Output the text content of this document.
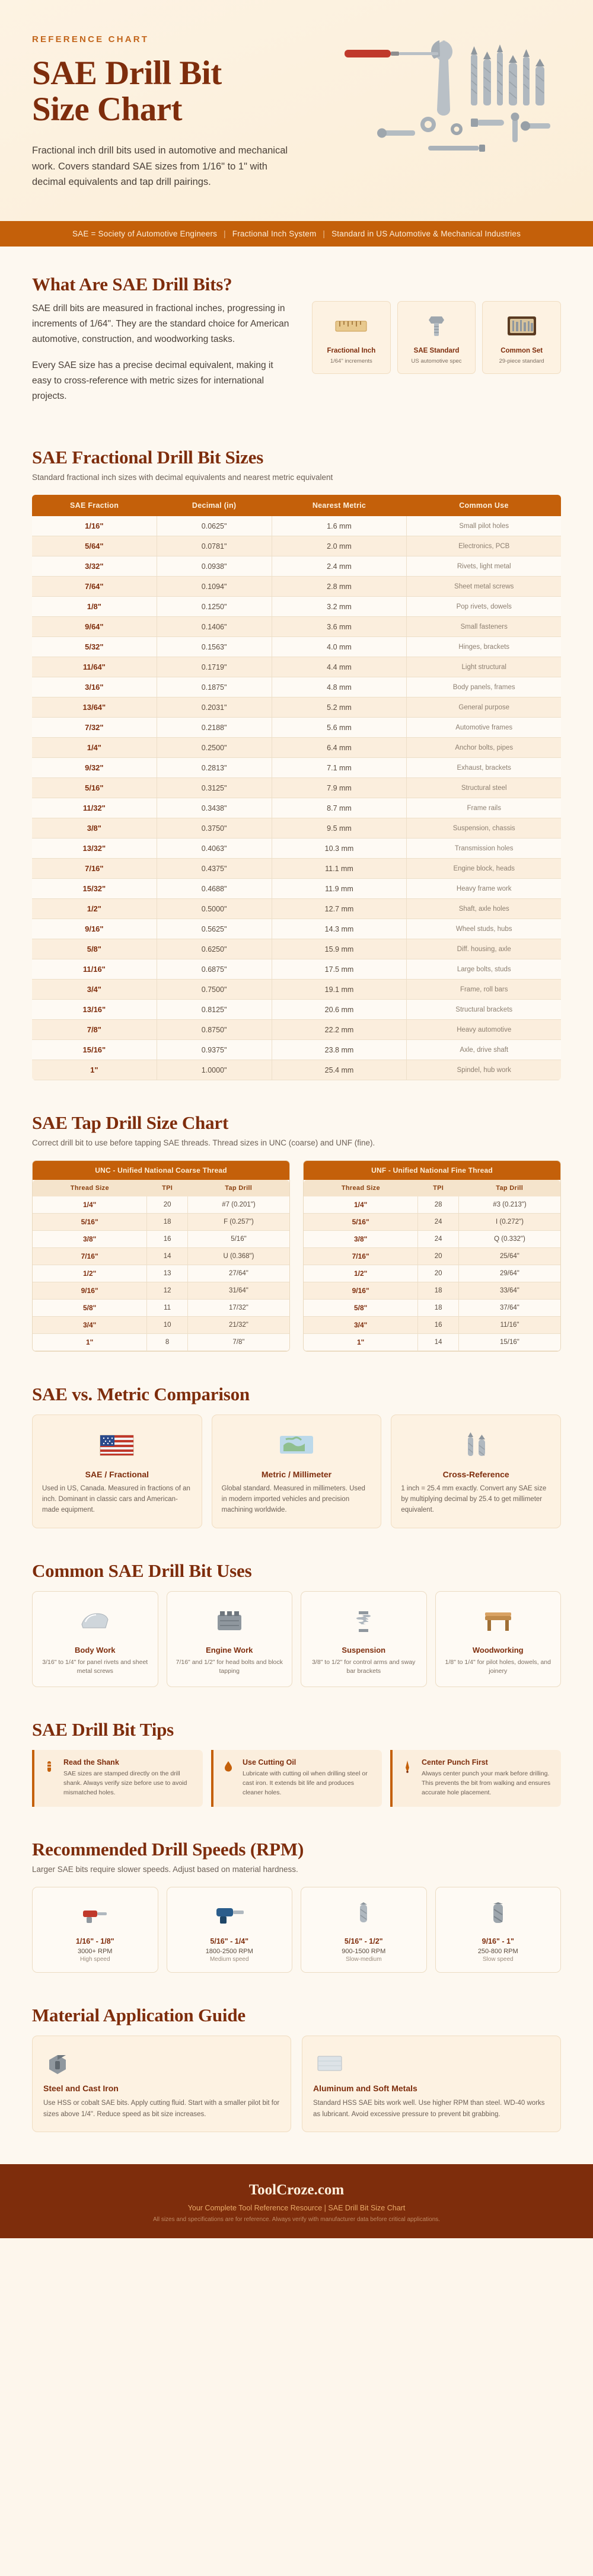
REFERENCE CHART
SAE Drill Bit
Size Chart

Fractional inch drill bits used in automotive and mechanical work. Covers standard SAE sizes from 1/16" to 1" with decimal equivalents and tap drill pairings.

SAE = Society of Automotive Engineers | Fractional Inch System | Standard in US Automotive & Mechanical Industries
What Are SAE Drill Bits?

SAE drill bits are measured in fractional inches, progressing in increments of 1/64". They are the standard choice for American automotive, construction, and woodworking tasks.

Every SAE size has a precise decimal equivalent, making it easy to cross-reference with metric sizes for international projects.

Fractional Inch
1/64" increments
SAE Standard
US automotive spec
Common Set
29-piece standard
SAE Fractional Drill Bit Sizes
Standard fractional inch sizes with decimal equivalents and nearest metric equivalent
SAE Fraction	Decimal (in)	Nearest Metric	Common Use
1/16"	0.0625"	1.6 mm	Small pilot holes
5/64"	0.0781"	2.0 mm	Electronics, PCB
3/32"	0.0938"	2.4 mm	Rivets, light metal
7/64"	0.1094"	2.8 mm	Sheet metal screws
1/8"	0.1250"	3.2 mm	Pop rivets, dowels
9/64"	0.1406"	3.6 mm	Small fasteners
5/32"	0.1563"	4.0 mm	Hinges, brackets
11/64"	0.1719"	4.4 mm	Light structural
3/16"	0.1875"	4.8 mm	Body panels, frames
13/64"	0.2031"	5.2 mm	General purpose
7/32"	0.2188"	5.6 mm	Automotive frames
1/4"	0.2500"	6.4 mm	Anchor bolts, pipes
9/32"	0.2813"	7.1 mm	Exhaust, brackets
5/16"	0.3125"	7.9 mm	Structural steel
11/32"	0.3438"	8.7 mm	Frame rails
3/8"	0.3750"	9.5 mm	Suspension, chassis
13/32"	0.4063"	10.3 mm	Transmission holes
7/16"	0.4375"	11.1 mm	Engine block, heads
15/32"	0.4688"	11.9 mm	Heavy frame work
1/2"	0.5000"	12.7 mm	Shaft, axle holes
9/16"	0.5625"	14.3 mm	Wheel studs, hubs
5/8"	0.6250"	15.9 mm	Diff. housing, axle
11/16"	0.6875"	17.5 mm	Large bolts, studs
3/4"	0.7500"	19.1 mm	Frame, roll bars
13/16"	0.8125"	20.6 mm	Structural brackets
7/8"	0.8750"	22.2 mm	Heavy automotive
15/16"	0.9375"	23.8 mm	Axle, drive shaft
1"	1.0000"	25.4 mm	Spindel, hub work
SAE Tap Drill Size Chart
Correct drill bit to use before tapping SAE threads. Thread sizes in UNC (coarse) and UNF (fine).
UNC - Unified National Coarse Thread
Thread Size	TPI	Tap Drill
1/4"	20	#7 (0.201")
5/16"	18	F (0.257")
3/8"	16	5/16"
7/16"	14	U (0.368")
1/2"	13	27/64"
9/16"	12	31/64"
5/8"	11	17/32"
3/4"	10	21/32"
1"	8	7/8"
UNF - Unified National Fine Thread
Thread Size	TPI	Tap Drill
1/4"	28	#3 (0.213")
5/16"	24	I (0.272")
3/8"	24	Q (0.332")
7/16"	20	25/64"
1/2"	20	29/64"
9/16"	18	33/64"
5/8"	18	37/64"
3/4"	16	11/16"
1"	14	15/16"
SAE vs. Metric Comparison
SAE / Fractional
Used in US, Canada. Measured in fractions of an inch. Dominant in classic cars and American-made equipment.
Metric / Millimeter
Global standard. Measured in millimeters. Used in modern imported vehicles and precision machining worldwide.
Cross-Reference
1 inch = 25.4 mm exactly. Convert any SAE size by multiplying decimal by 25.4 to get millimeter equivalent.
Common SAE Drill Bit Uses
Body Work
3/16" to 1/4" for panel rivets and sheet metal screws
Engine Work
7/16" and 1/2" for head bolts and block tapping
Suspension
3/8" to 1/2" for control arms and sway bar brackets
Woodworking
1/8" to 1/4" for pilot holes, dowels, and joinery
SAE Drill Bit Tips
Read the Shank
SAE sizes are stamped directly on the drill shank. Always verify size before use to avoid mismatched holes.
Use Cutting Oil
Lubricate with cutting oil when drilling steel or cast iron. It extends bit life and produces cleaner holes.
Center Punch First
Always center punch your mark before drilling. This prevents the bit from walking and ensures accurate hole placement.
Recommended Drill Speeds (RPM)
Larger SAE bits require slower speeds. Adjust based on material hardness.
1/16" - 1/8"
3000+ RPM
High speed
5/16" - 1/4"
1800-2500 RPM
Medium speed
5/16" - 1/2"
900-1500 RPM
Slow-medium
9/16" - 1"
250-800 RPM
Slow speed
Material Application Guide
Steel and Cast Iron
Use HSS or cobalt SAE bits. Apply cutting fluid. Start with a smaller pilot bit for sizes above 1/4". Reduce speed as bit size increases.
Aluminum and Soft Metals
Standard HSS SAE bits work well. Use higher RPM than steel. WD-40 works as lubricant. Avoid excessive pressure to prevent bit grabbing.
ToolCroze.com
Your Complete Tool Reference Resource | SAE Drill Bit Size Chart
All sizes and specifications are for reference. Always verify with manufacturer data before critical applications.
